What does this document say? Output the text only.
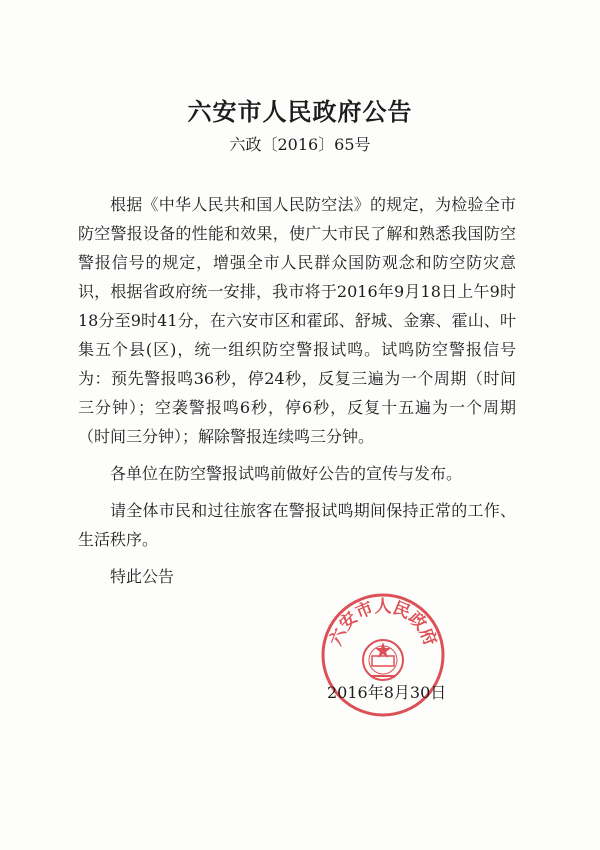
六安市人民政府公告
六政〔2016〕65号

根据《中华人民共和国人民防空法》的规定，为检验全市防空警报设备的性能和效果，使广大市民了解和熟悉我国防空警报信号的规定，增强全市人民群众国防观念和防空防灾意识，根据省政府统一安排，我市将于2016年9月18日上午9时18分至9时41分，在六安市区和霍邱、舒城、金寨、霍山、叶集五个县(区)，统一组织防空警报试鸣。试鸣防空警报信号为：预先警报鸣36秒，停24秒，反复三遍为一个周期（时间三分钟）；空袭警报鸣6秒，停6秒，反复十五遍为一个周期（时间三分钟）；解除警报连续鸣三分钟。

各单位在防空警报试鸣前做好公告的宣传与发布。

请全体市民和过往旅客在警报试鸣期间保持正常的工作、生活秩序。

特此公告

六安市人民政府
2016年8月30日
